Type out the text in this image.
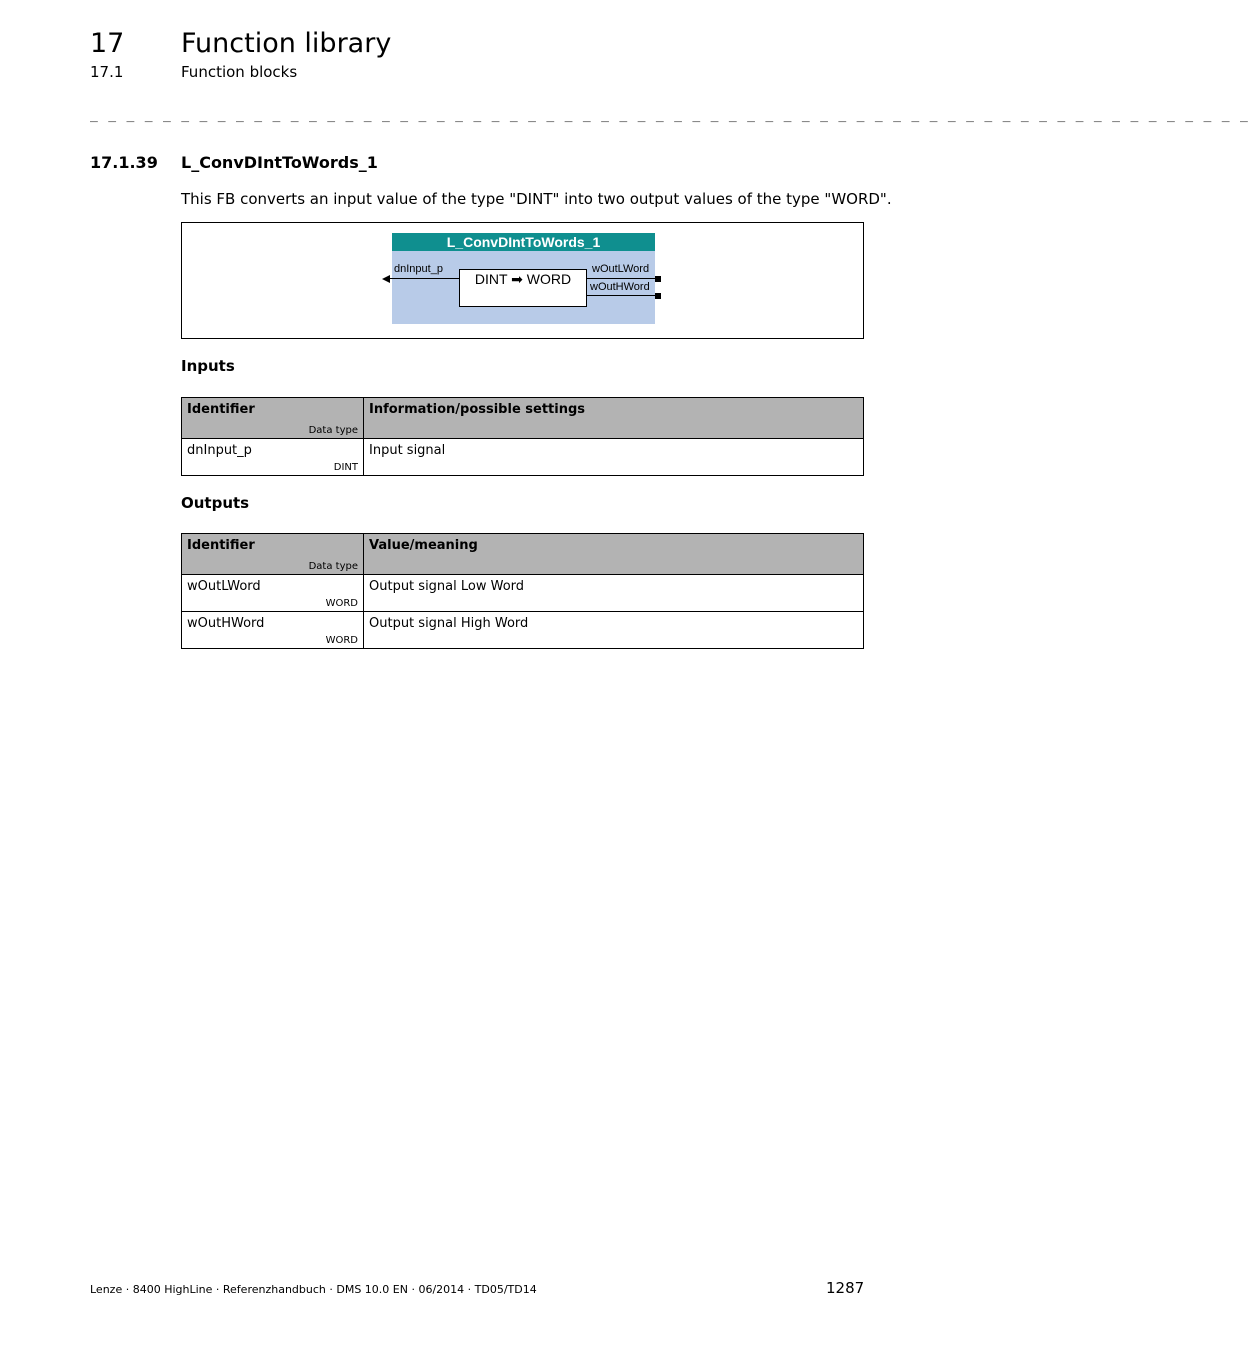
17 Function library
17.1	Function blocks
_ _ _ _ _ _ _ _ _ _ _ _ _ _ _ _ _ _ _ _ _ _ _ _ _ _ _ _ _ _ _ _ _ _ _ _ _ _ _ _ _ _ _ _ _ _ _ _ _ _ _ _ _ _ _ _ _ _ _ _ _ _ _ _
17.1.39 L_ConvDIntToWords_1
This FB converts an input value of the type "DINT" into two output values of the type "WORD".
L_ConvDIntToWords_1
DINT ➡ WORD
dnInput_p	wOutLWord
wOutHWord
Inputs
Identifier
Data type	Information/possible settings

dnInput_p
DINT	Input signal
Outputs
Identifier
Data type	Value/meaning

wOutLWord
WORD	Output signal Low Word

wOutHWord
WORD	Output signal High Word
Lenze · 8400 HighLine · Referenzhandbuch · DMS 10.0 EN · 06/2014 · TD05/TD14	1287
